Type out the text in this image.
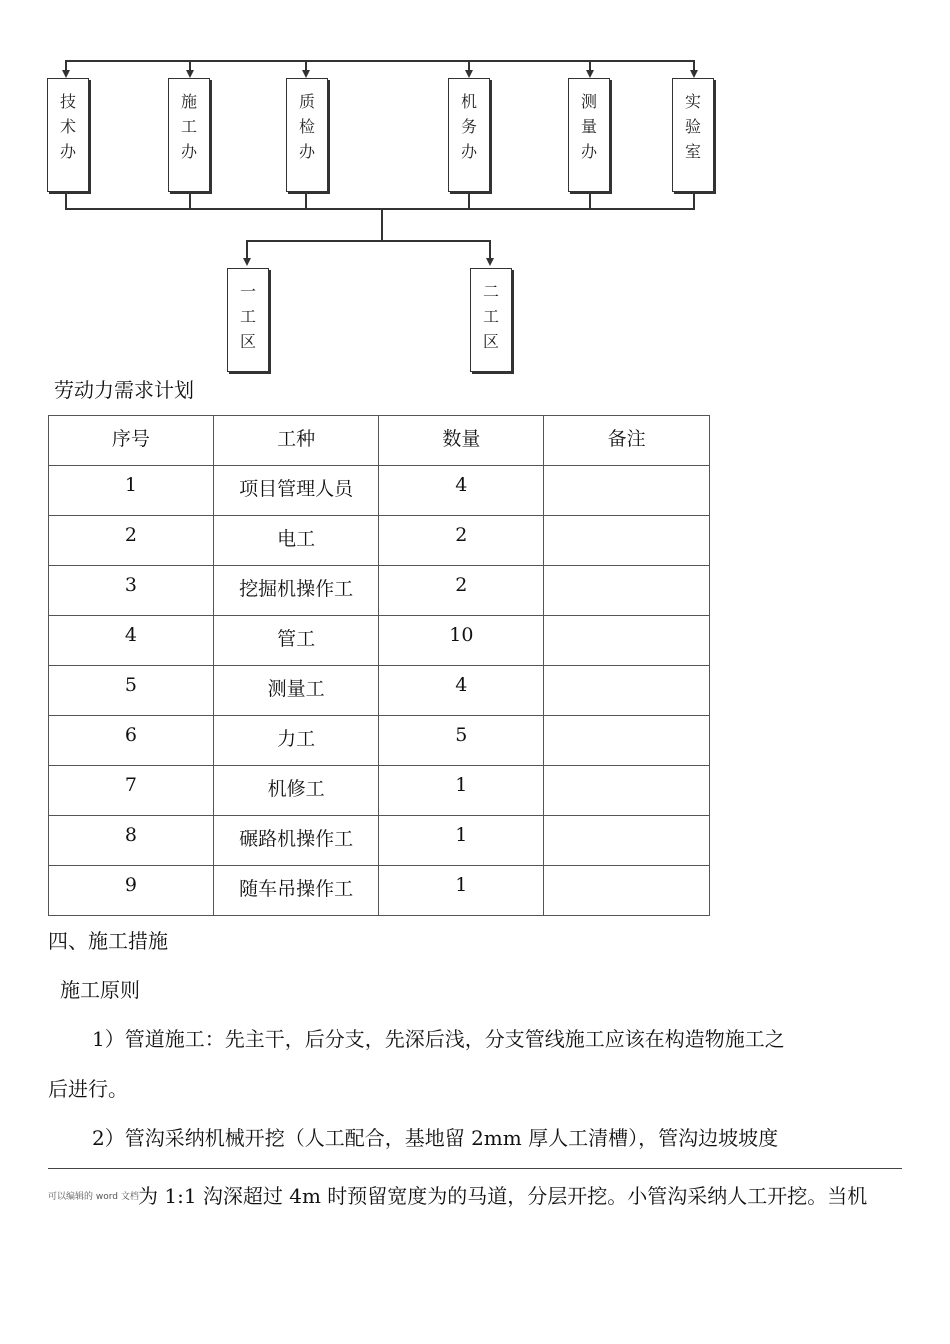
技
术
办
施
工
办
质
检
办
机
务
办
测
量
办
实
验
室
一
工
区
二
工
区
劳动力需求计划
序号	工种	数量	备注

1	项目管理人员	4	

2	电工	2	

3	挖掘机操作工	2	

4	管工	10	

5	测量工	4	

6	力工	5	

7	机修工	1	

8	碾路机操作工	1	

9	随车吊操作工	1	

四、施工措施
施工原则
1）管道施工：先主干，后分支，先深后浅，分支管线施工应该在构造物施工之
后进行。
2）管沟采纳机械开挖（人工配合，基地留 2mm 厚人工清槽），管沟边坡坡度
可以编辑的 word 文档 为 1:1 沟深超过 4m 时预留宽度为的马道，分层开挖。小管沟采纳人工开挖。当机
